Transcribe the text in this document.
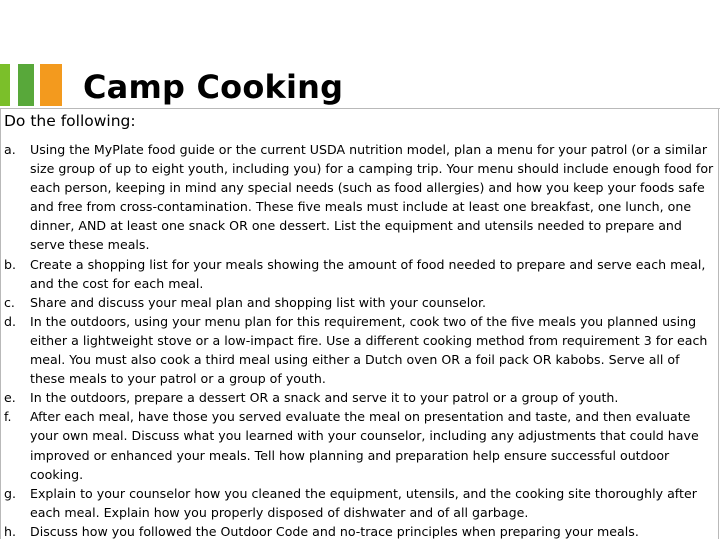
Camp Cooking
Do the following:
a.	Using the MyPlate food guide or the current USDA nutrition model, plan a menu for your patrol (or a similar size group of up to eight youth, including you) for a camping trip. Your menu should include enough food for each person, keeping in mind any special needs (such as food allergies) and how you keep your foods safe and free from cross-contamination. These five meals must include at least one breakfast, one lunch, one dinner, AND at least one snack OR one dessert. List the equipment and utensils needed to prepare and serve these meals.
b.	Create a shopping list for your meals showing the amount of food needed to prepare and serve each meal, and the cost for each meal.
c.	Share and discuss your meal plan and shopping list with your counselor.
d.	In the outdoors, using your menu plan for this requirement, cook two of the five meals you planned using either a lightweight stove or a low-impact fire. Use a different cooking method from requirement 3 for each meal. You must also cook a third meal using either a Dutch oven OR a foil pack OR kabobs. Serve all of these meals to your patrol or a group of youth.
e.	In the outdoors, prepare a dessert OR a snack and serve it to your patrol or a group of youth.
f.	After each meal, have those you served evaluate the meal on presentation and taste, and then evaluate your own meal. Discuss what you learned with your counselor, including any adjustments that could have improved or enhanced your meals. Tell how planning and preparation help ensure successful outdoor cooking.
g.	Explain to your counselor how you cleaned the equipment, utensils, and the cooking site thoroughly after each meal. Explain how you properly disposed of dishwater and of all garbage.
h.	Discuss how you followed the Outdoor Code and no-trace principles when preparing your meals.
